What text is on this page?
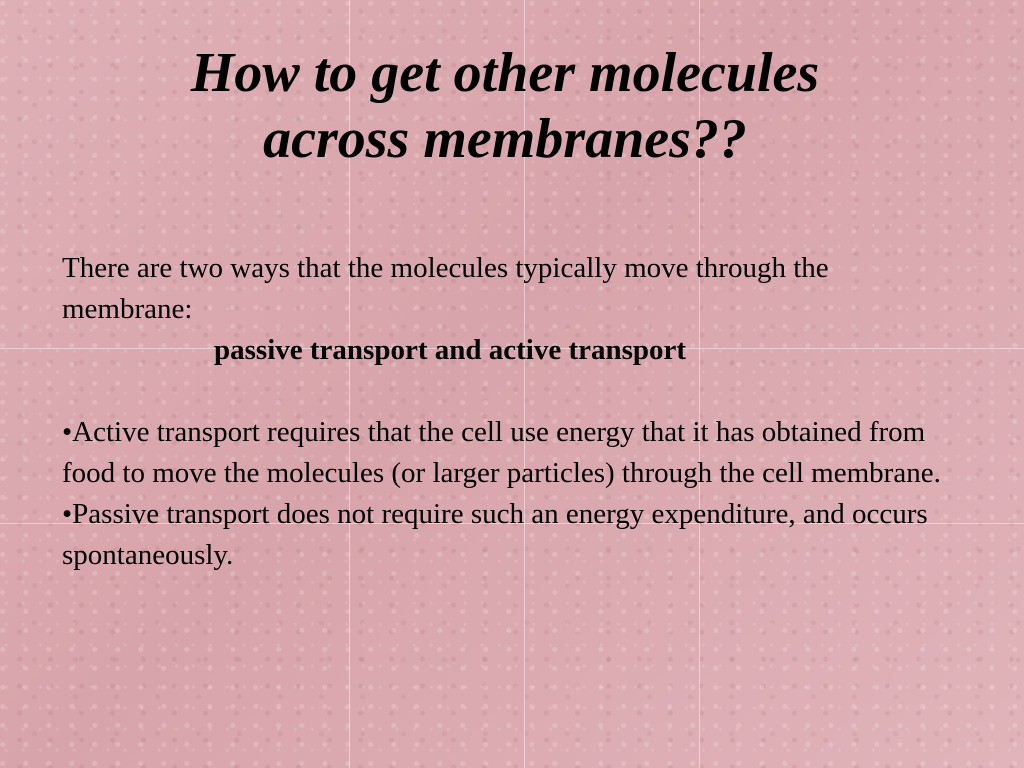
How to get other molecules
across membranes??

There are two ways that the molecules typically move through the membrane:

passive transport and active transport

•Active transport requires that the cell use energy that it has obtained from food to move the molecules (or larger particles) through the cell membrane.

•Passive transport does not require such an energy expenditure, and occurs spontaneously.
